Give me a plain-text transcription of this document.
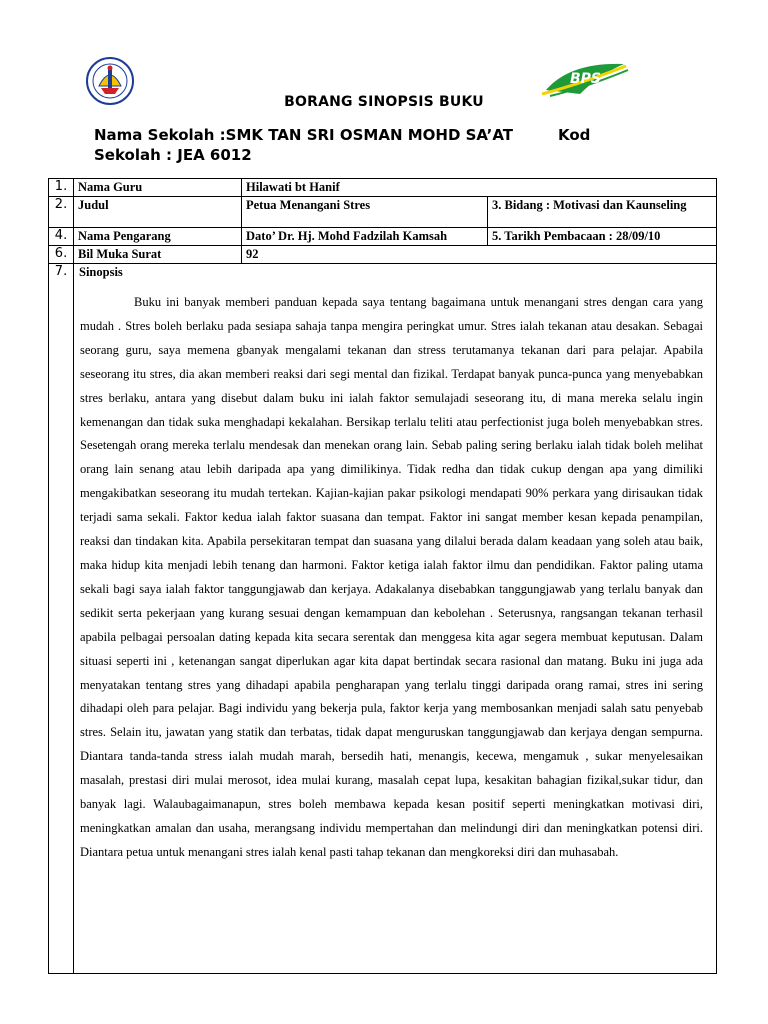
BPS
BORANG SINOPSIS BUKU
Nama Sekolah :SMK TAN SRI OSMAN MOHD SA’AT	Kod
Sekolah : JEA 6012
1.	Nama Guru	Hilawati bt Hanif	
2.	Judul	Petua Menangani Stres	3. Bidang : Motivasi dan Kaunseling
4.	Nama Pengarang	Dato’ Dr. Hj. Mohd Fadzilah Kamsah	5. Tarikh Pembacaan : 28/09/10
6.	Bil Muka Surat	92	
7.	Sinopsis
Buku ini banyak memberi panduan kepada saya tentang bagaimana untuk menangani stres dengan cara yang mudah . Stres boleh berlaku pada sesiapa sahaja tanpa mengira peringkat umur. Stres ialah tekanan atau desakan. Sebagai seorang guru, saya memena gbanyak mengalami tekanan dan stress terutamanya tekanan dari para pelajar. Apabila seseorang itu stres, dia akan memberi reaksi dari segi mental dan fizikal. Terdapat banyak punca-punca yang menyebabkan stres berlaku, antara yang disebut dalam buku ini ialah faktor semulajadi seseorang itu, di mana mereka selalu ingin kemenangan dan tidak suka menghadapi kekalahan. Bersikap terlalu teliti atau perfectionist juga boleh menyebabkan stres. Sesetengah orang mereka terlalu mendesak dan menekan orang lain. Sebab paling sering berlaku ialah tidak boleh melihat orang lain senang atau lebih daripada apa yang dimilikinya. Tidak redha dan tidak cukup dengan apa yang dimiliki mengakibatkan seseorang itu mudah tertekan. Kajian-kajian pakar psikologi mendapati 90% perkara yang dirisaukan tidak terjadi sama sekali. Faktor kedua ialah faktor suasana dan tempat. Faktor ini sangat member kesan kepada penampilan, reaksi dan tindakan kita. Apabila persekitaran tempat dan suasana yang dilalui berada dalam keadaan yang soleh atau baik, maka hidup kita menjadi lebih tenang dan harmoni. Faktor ketiga ialah faktor ilmu dan pendidikan. Faktor paling utama sekali bagi saya ialah faktor tanggungjawab dan kerjaya. Adakalanya disebabkan tanggungjawab yang terlalu banyak dan sedikit serta pekerjaan yang kurang sesuai dengan kemampuan dan kebolehan . Seterusnya, rangsangan tekanan terhasil apabila pelbagai persoalan dating kepada kita secara serentak dan menggesa kita agar segera membuat keputusan. Dalam situasi seperti ini , ketenangan sangat diperlukan agar kita dapat bertindak secara rasional dan matang. Buku ini juga ada menyatakan tentang stres yang dihadapi apabila pengharapan yang terlalu tinggi daripada orang ramai, stres ini sering dihadapi oleh para pelajar. Bagi individu yang bekerja pula, faktor kerja yang membosankan menjadi salah satu penyebab stres. Selain itu, jawatan yang statik dan terbatas, tidak dapat menguruskan tanggungjawab dan kerjaya dengan sempurna. Diantara tanda-tanda stress ialah mudah marah, bersedih hati, menangis, kecewa, mengamuk , sukar menyelesaikan masalah, prestasi diri mulai merosot, idea mulai kurang, masalah cepat lupa, kesakitan bahagian fizikal,sukar tidur, dan banyak lagi. Walaubagaimanapun, stres boleh membawa kepada kesan positif seperti meningkatkan motivasi diri, meningkatkan amalan dan usaha, merangsang individu mempertahan dan melindungi diri dan meningkatkan potensi diri. Diantara petua untuk menangani stres ialah kenal pasti tahap tekanan dan mengkoreksi diri dan muhasabah.		
